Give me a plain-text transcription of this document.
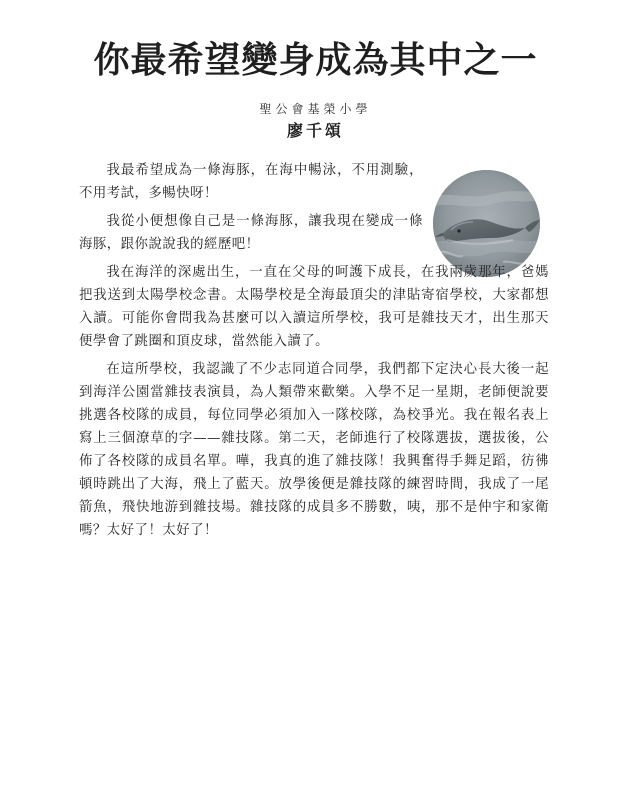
你最希望變身成為其中之一
聖公會基榮小學
廖千頌

我最希望成為一條海豚，在海中暢泳，不用測驗，不用考試，多暢快呀！

我從小便想像自己是一條海豚，讓我現在變成一條海豚，跟你說說我的經歷吧！

我在海洋的深處出生，一直在父母的呵護下成長，在我兩歲那年，爸媽把我送到太陽學校念書。太陽學校是全海最頂尖的津貼寄宿學校，大家都想入讀。可能你會問我為甚麼可以入讀這所學校，我可是雜技天才，出生那天便學會了跳圈和頂皮球，當然能入讀了。

在這所學校，我認識了不少志同道合同學，我們都下定決心長大後一起到海洋公園當雜技表演員，為人類帶來歡樂。入學不足一星期，老師便說要挑選各校隊的成員，每位同學必須加入一隊校隊，為校爭光。我在報名表上寫上三個潦草的字——雜技隊。第二天，老師進行了校隊選拔，選拔後，公佈了各校隊的成員名單。嘩，我真的進了雜技隊！我興奮得手舞足蹈，彷彿頓時跳出了大海，飛上了藍天。放學後便是雜技隊的練習時間，我成了一尾箭魚，飛快地游到雜技場。雜技隊的成員多不勝數，咦，那不是仲宇和家衛嗎？太好了！太好了！
